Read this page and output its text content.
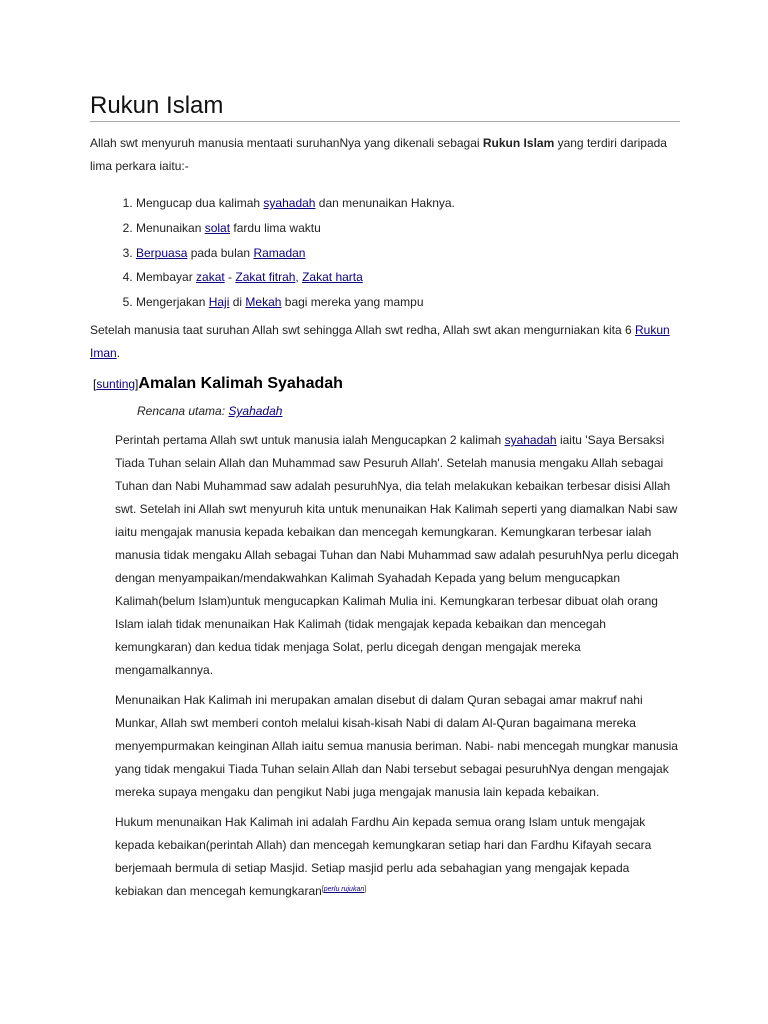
Rukun Islam

Allah swt menyuruh manusia mentaati suruhanNya yang dikenali sebagai Rukun Islam yang terdiri daripada lima perkara iaitu:-

1. Mengucap dua kalimah syahadah dan menunaikan Haknya.
2. Menunaikan solat fardu lima waktu
3. Berpuasa pada bulan Ramadan
4. Membayar zakat - Zakat fitrah, Zakat harta
5. Mengerjakan Haji di Mekah bagi mereka yang mampu

Setelah manusia taat suruhan Allah swt sehingga Allah swt redha, Allah swt akan mengurniakan kita 6 Rukun Iman.

[sunting]Amalan Kalimah Syahadah

Rencana utama: Syahadah

Perintah pertama Allah swt untuk manusia ialah Mengucapkan 2 kalimah syahadah iaitu 'Saya Bersaksi Tiada Tuhan selain Allah dan Muhammad saw Pesuruh Allah'. Setelah manusia mengaku Allah sebagai Tuhan dan Nabi Muhammad saw adalah pesuruhNya, dia telah melakukan kebaikan terbesar disisi Allah swt. Setelah ini Allah swt menyuruh kita untuk menunaikan Hak Kalimah seperti yang diamalkan Nabi saw iaitu mengajak manusia kepada kebaikan dan mencegah kemungkaran. Kemungkaran terbesar ialah manusia tidak mengaku Allah sebagai Tuhan dan Nabi Muhammad saw adalah pesuruhNya perlu dicegah dengan menyampaikan/mendakwahkan Kalimah Syahadah Kepada yang belum mengucapkan Kalimah(belum Islam)untuk mengucapkan Kalimah Mulia ini. Kemungkaran terbesar dibuat olah orang Islam ialah tidak menunaikan Hak Kalimah (tidak mengajak kepada kebaikan dan mencegah kemungkaran) dan kedua tidak menjaga Solat, perlu dicegah dengan mengajak mereka mengamalkannya.

Menunaikan Hak Kalimah ini merupakan amalan disebut di dalam Quran sebagai amar makruf nahi Munkar, Allah swt memberi contoh melalui kisah-kisah Nabi di dalam Al-Quran bagaimana mereka menyempurmakan keinginan Allah iaitu semua manusia beriman. Nabi- nabi mencegah mungkar manusia yang tidak mengakui Tiada Tuhan selain Allah dan Nabi tersebut sebagai pesuruhNya dengan mengajak mereka supaya mengaku dan pengikut Nabi juga mengajak manusia lain kepada kebaikan.

Hukum menunaikan Hak Kalimah ini adalah Fardhu Ain kepada semua orang Islam untuk mengajak kepada kebaikan(perintah Allah) dan mencegah kemungkaran setiap hari dan Fardhu Kifayah secara berjemaah bermula di setiap Masjid. Setiap masjid perlu ada sebahagian yang mengajak kepada kebiakan dan mencegah kemungkaran[perlu rujukan]
